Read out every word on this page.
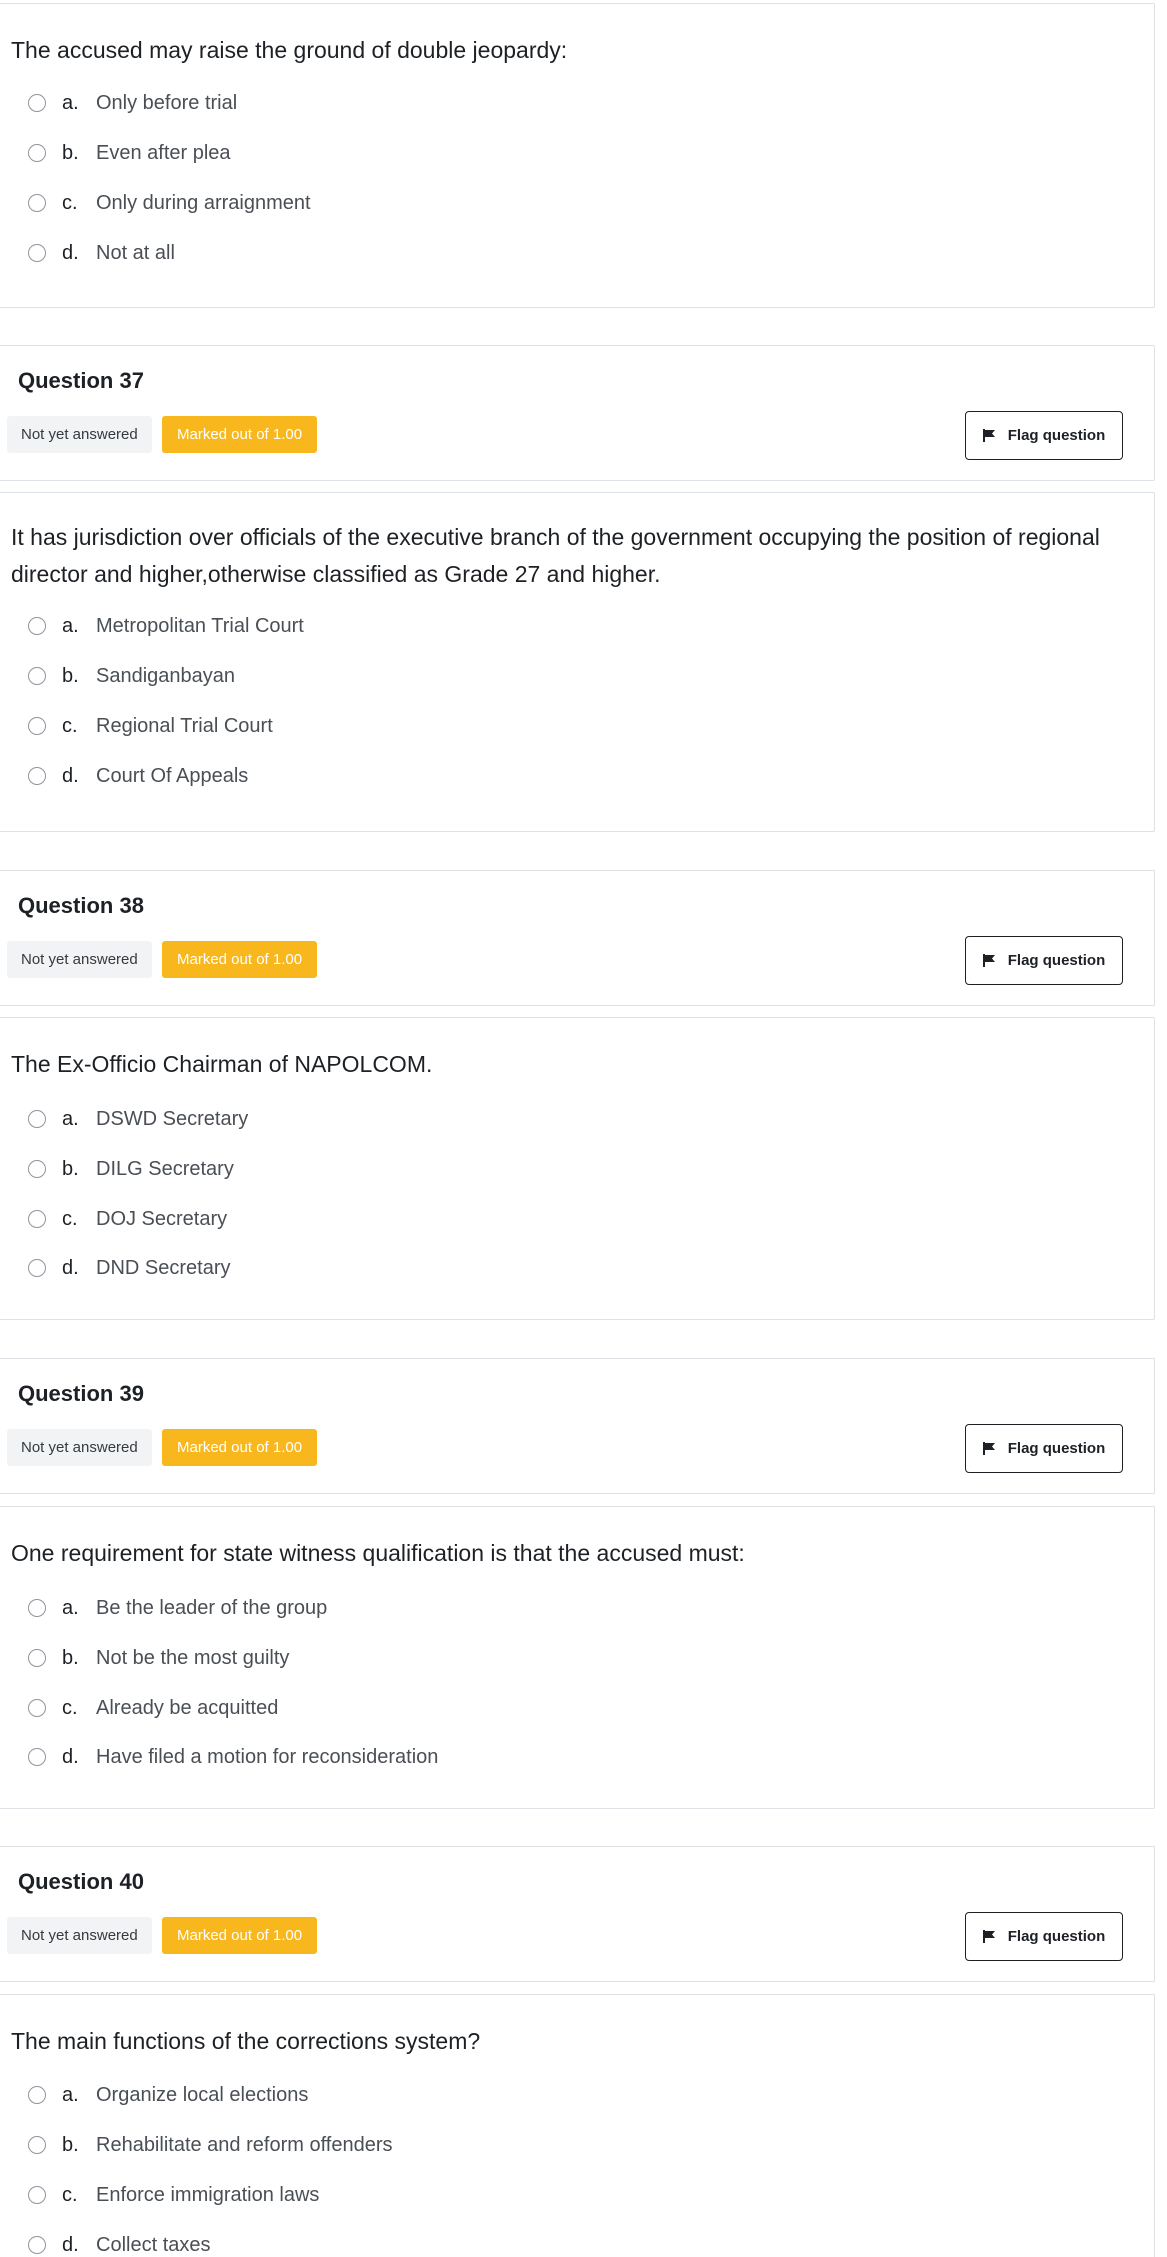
The accused may raise the ground of double jeopardy:
a. Only before trial
b. Even after plea
c. Only during arraignment
d. Not at all
Question 37
Not yet answered	Marked out of 1.00	Flag question
It has jurisdiction over officials of the executive branch of the government occupying the position of regional director and higher,otherwise classified as Grade 27 and higher.
a. Metropolitan Trial Court
b. Sandiganbayan
c. Regional Trial Court
d. Court Of Appeals
Question 38
Not yet answered	Marked out of 1.00	Flag question
The Ex-Officio Chairman of NAPOLCOM.
a. DSWD Secretary
b. DILG Secretary
c. DOJ Secretary
d. DND Secretary
Question 39
Not yet answered	Marked out of 1.00	Flag question
One requirement for state witness qualification is that the accused must:
a. Be the leader of the group
b. Not be the most guilty
c. Already be acquitted
d. Have filed a motion for reconsideration
Question 40
Not yet answered	Marked out of 1.00	Flag question
The main functions of the corrections system?
a. Organize local elections
b. Rehabilitate and reform offenders
c. Enforce immigration laws
d. Collect taxes
